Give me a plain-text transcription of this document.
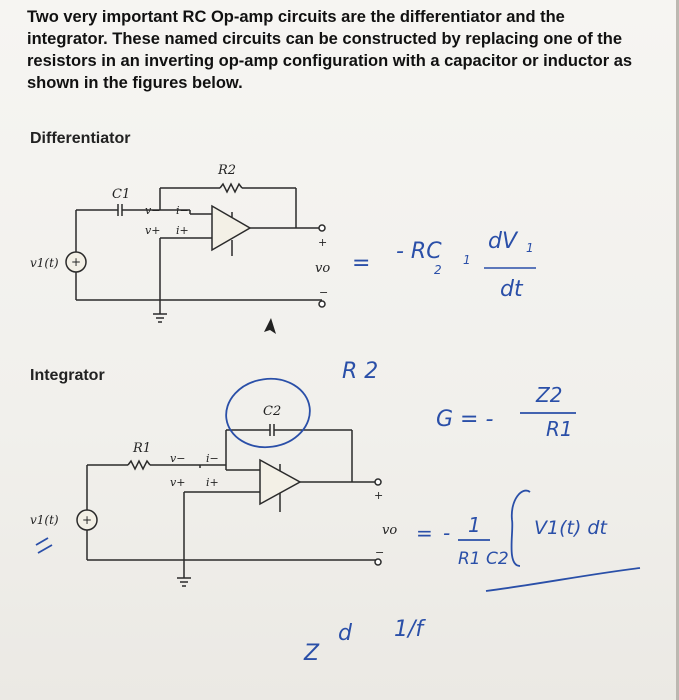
Two very important RC Op-amp circuits are the differentiator and the integrator. These named circuits can be constructed by replacing one of the resistors in an inverting op-amp configuration with a capacitor or inductor as shown in the figures below.
Differentiator
Integrator
C1
R2
v− i−
v+ i+
v1(t)	vo
+
−
+	= - RC
2
1
dV 1
dt
R1
C2
v− i−
v+ i+
v1(t)
vo
+
−
+
= - 1
R1 C2
V1(t) dt
G = -
Z2
R1
R 2
Z
d 1/f
